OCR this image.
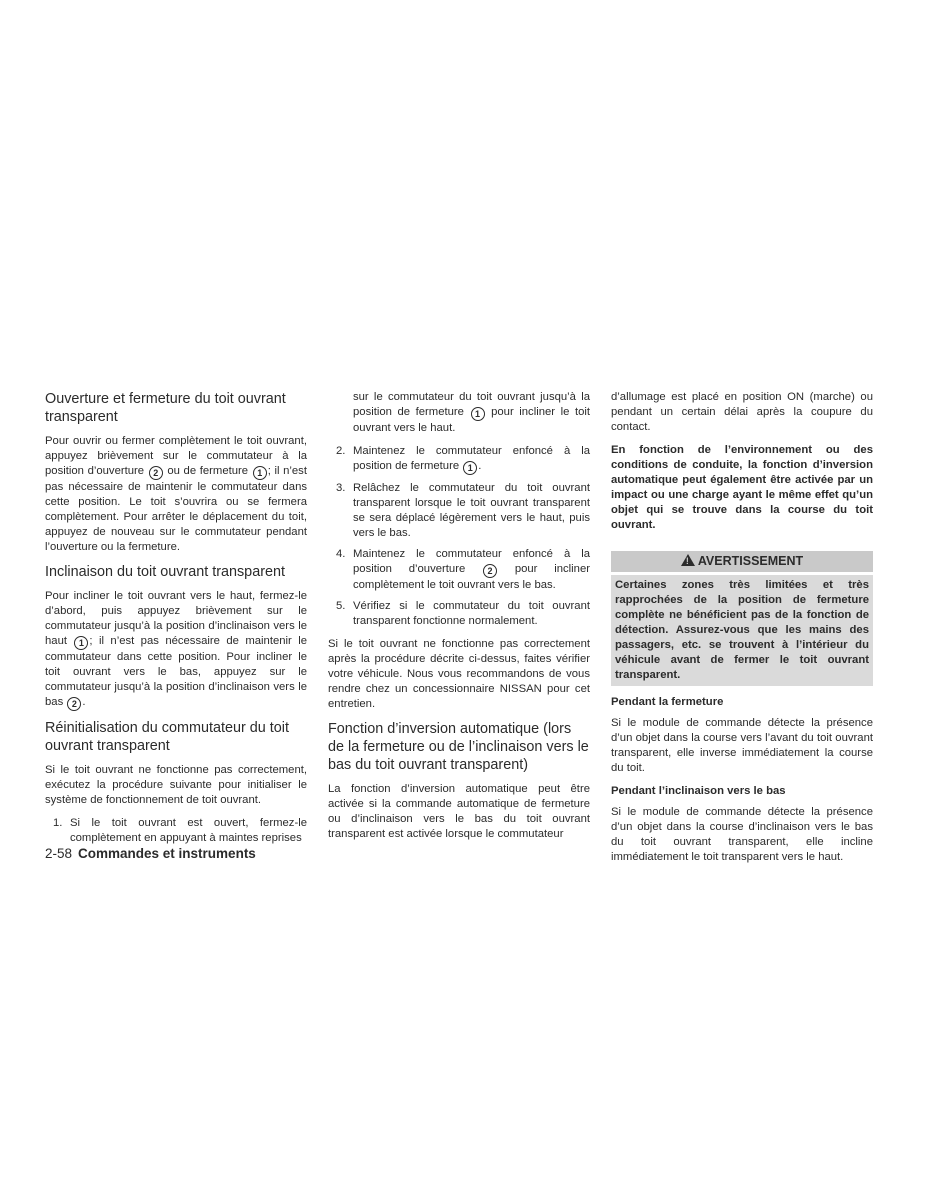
Ouverture et fermeture du toit ouvrant transparent

Pour ouvrir ou fermer complètement le toit ouvrant, appuyez brièvement sur le commutateur à la position d’ouverture 2 ou de fermeture 1 ; il n’est pas nécessaire de maintenir le commutateur dans cette position. Le toit s’ouvrira ou se fermera complètement. Pour arrêter le déplacement du toit, appuyez de nouveau sur le commutateur pendant l’ouverture ou la fermeture.

Inclinaison du toit ouvrant transparent

Pour incliner le toit ouvrant vers le haut, fermez-le d’abord, puis appuyez brièvement sur le commutateur jusqu’à la position d’inclinaison vers le haut 1 ; il n’est pas nécessaire de maintenir le commutateur dans cette position. Pour incliner le toit ouvrant vers le bas, appuyez sur le commutateur jusqu’à la position d’inclinaison vers le bas 2 .

Réinitialisation du commutateur du toit ouvrant transparent

Si le toit ouvrant ne fonctionne pas correctement, exécutez la procédure suivante pour initialiser le système de fonctionnement de toit ouvrant.

1. Si le toit ouvrant est ouvert, fermez-le complètement en appuyant à maintes reprises
sur le commutateur du toit ouvrant jusqu’à la position de fermeture 1 pour incliner le toit ouvrant vers le haut.
2. Maintenez le commutateur enfoncé à la position de fermeture 1 .
3. Relâchez le commutateur du toit ouvrant transparent lorsque le toit ouvrant transparent se sera déplacé légèrement vers le haut, puis vers le bas.
4. Maintenez le commutateur enfoncé à la position d’ouverture 2 pour incliner complètement le toit ouvrant vers le bas.
5. Vérifiez si le commutateur du toit ouvrant transparent fonctionne normalement.

Si le toit ouvrant ne fonctionne pas correctement après la procédure décrite ci-dessus, faites vérifier votre véhicule. Nous vous recommandons de vous rendre chez un concessionnaire NISSAN pour cet entretien.

Fonction d’inversion automatique (lors de la fermeture ou de l’inclinaison vers le bas du toit ouvrant transparent)

La fonction d’inversion automatique peut être activée si la commande automatique de fermeture ou d’inclinaison vers le bas du toit ouvrant transparent est activée lorsque le commutateur

d’allumage est placé en position ON (marche) ou pendant un certain délai après la coupure du contact.

En fonction de l’environnement ou des conditions de conduite, la fonction d’inversion automatique peut également être activée par un impact ou une charge ayant le même effet qu’un objet qui se trouve dans la course du toit ouvrant.

! AVERTISSEMENT
Certaines zones très limitées et très rapprochées de la position de fermeture complète ne bénéficient pas de la fonction de détection. Assurez-vous que les mains des passagers, etc. se trouvent à l’intérieur du véhicule avant de fermer le toit ouvrant transparent.
Pendant la fermeture

Si le module de commande détecte la présence d’un objet dans la course vers l’avant du toit ouvrant transparent, elle inverse immédiatement la course du toit.

Pendant l’inclinaison vers le bas

Si le module de commande détecte la présence d’un objet dans la course d’inclinaison vers le bas du toit ouvrant transparent, elle incline immédiatement le toit transparent vers le haut.

2-58 Commandes et instruments
